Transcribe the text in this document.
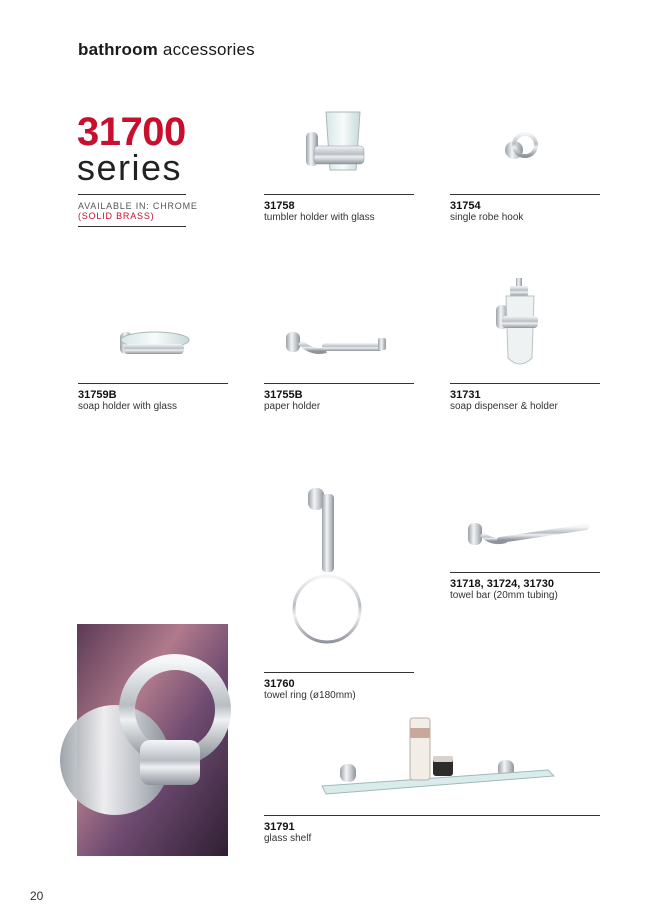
bathroom accessories
31700
series
AVAILABLE IN: CHROME
(SOLID BRASS)
31758
tumbler holder with glass
31754
single robe hook
31759B
soap holder with glass
31755B
paper holder
31731
soap dispenser & holder
31718, 31724, 31730
towel bar (20mm tubing)
31760
towel ring (ø180mm)
31791
glass shelf
20
